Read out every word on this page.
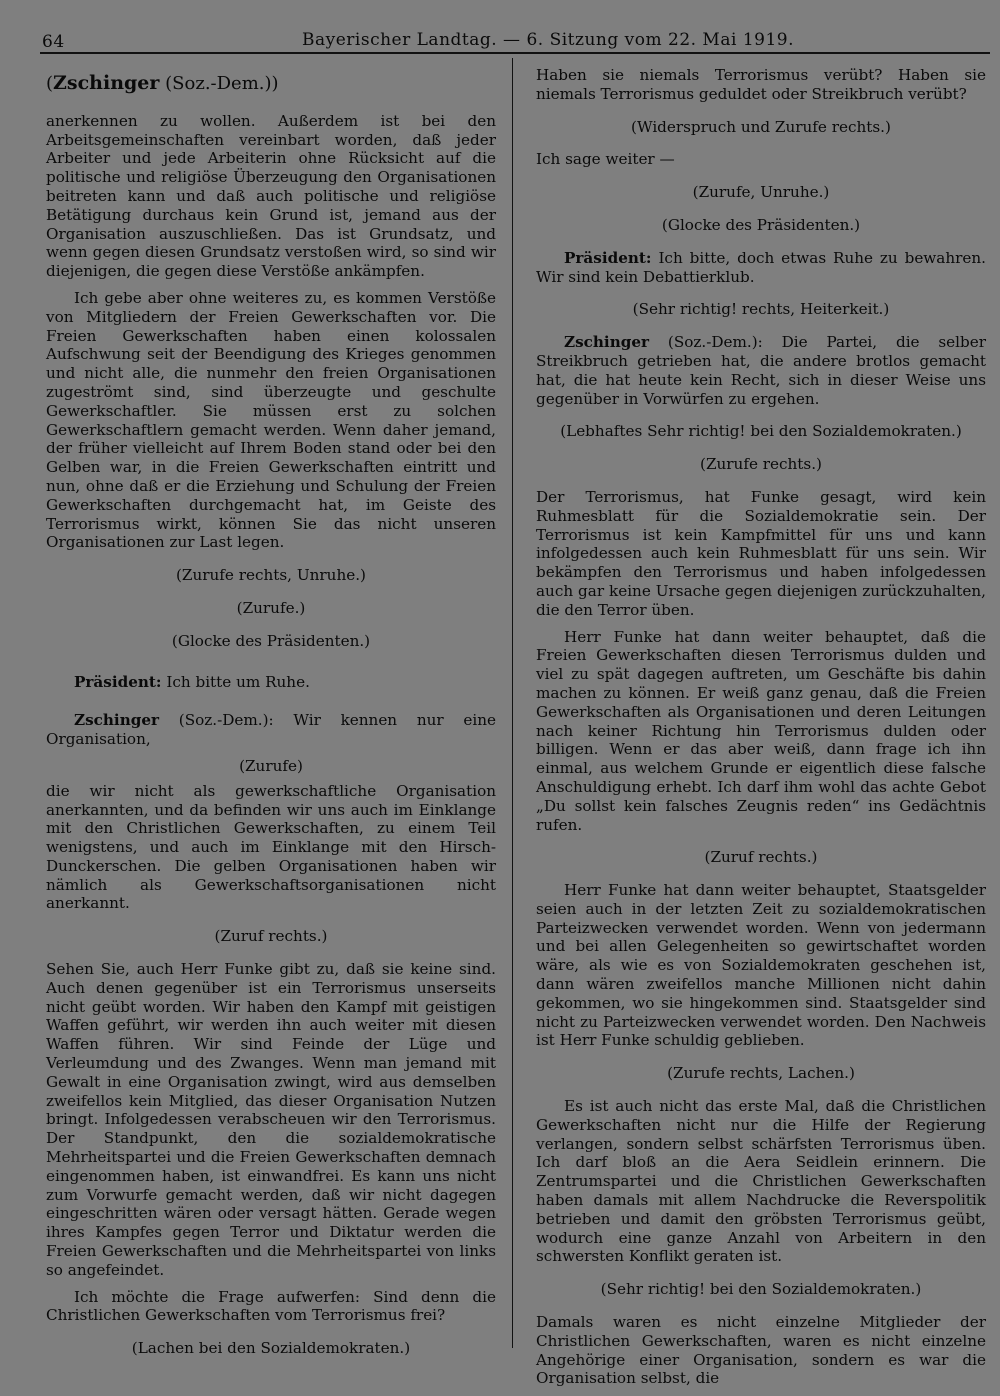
64	Bayerischer Landtag. — 6. Sitzung vom 22. Mai 1919.
(Zschinger (Soz.-Dem.))

anerkennen zu wollen. Außerdem ist bei den Arbeitsgemeinschaften vereinbart worden, daß jeder Arbeiter und jede Arbeiterin ohne Rücksicht auf die politische und religiöse Überzeugung den Organisationen beitreten kann und daß auch politische und religiöse Betätigung durchaus kein Grund ist, jemand aus der Organisation auszuschließen. Das ist Grundsatz, und wenn gegen diesen Grundsatz verstoßen wird, so sind wir diejenigen, die gegen diese Verstöße ankämpfen.

Ich gebe aber ohne weiteres zu, es kommen Verstöße von Mitgliedern der Freien Gewerkschaften vor. Die Freien Gewerkschaften haben einen kolossalen Aufschwung seit der Beendigung des Krieges genommen und nicht alle, die nunmehr den freien Organisationen zugeströmt sind, sind überzeugte und geschulte Gewerkschaftler. Sie müssen erst zu solchen Gewerkschaftlern gemacht werden. Wenn daher jemand, der früher vielleicht auf Ihrem Boden stand oder bei den Gelben war, in die Freien Gewerkschaften eintritt und nun, ohne daß er die Erziehung und Schulung der Freien Gewerkschaften durchgemacht hat, im Geiste des Terrorismus wirkt, können Sie das nicht unseren Organisationen zur Last legen.

(Zurufe rechts, Unruhe.)
(Zurufe.)
(Glocke des Präsidenten.)

Präsident: Ich bitte um Ruhe.

Zschinger (Soz.-Dem.): Wir kennen nur eine Organisation,

(Zurufe)

die wir nicht als gewerkschaftliche Organisation anerkannten, und da befinden wir uns auch im Einklange mit den Christlichen Gewerkschaften, zu einem Teil wenigstens, und auch im Einklange mit den Hirsch-Dunckerschen. Die gelben Organisationen haben wir nämlich als Gewerkschaftsorganisationen nicht anerkannt.

(Zuruf rechts.)

Sehen Sie, auch Herr Funke gibt zu, daß sie keine sind. Auch denen gegenüber ist ein Terrorismus unserseits nicht geübt worden. Wir haben den Kampf mit geistigen Waffen geführt, wir werden ihn auch weiter mit diesen Waffen führen. Wir sind Feinde der Lüge und Verleumdung und des Zwanges. Wenn man jemand mit Gewalt in eine Organisation zwingt, wird aus demselben zweifellos kein Mitglied, das dieser Organisation Nutzen bringt. Infolgedessen verabscheuen wir den Terrorismus. Der Standpunkt, den die sozialdemokratische Mehrheitspartei und die Freien Gewerkschaften demnach eingenommen haben, ist einwandfrei. Es kann uns nicht zum Vorwurfe gemacht werden, daß wir nicht dagegen eingeschritten wären oder versagt hätten. Gerade wegen ihres Kampfes gegen Terror und Diktatur werden die Freien Gewerkschaften und die Mehrheitspartei von links so angefeindet.

Ich möchte die Frage aufwerfen: Sind denn die Christlichen Gewerkschaften vom Terrorismus frei?

(Lachen bei den Sozialdemokraten.)

Haben sie niemals Terrorismus verübt? Haben sie niemals Terrorismus geduldet oder Streikbruch verübt?

(Widerspruch und Zurufe rechts.)

Ich sage weiter —

(Zurufe, Unruhe.)
(Glocke des Präsidenten.)

Präsident: Ich bitte, doch etwas Ruhe zu bewahren. Wir sind kein Debattierklub.

(Sehr richtig! rechts, Heiterkeit.)

Zschinger (Soz.-Dem.): Die Partei, die selber Streikbruch getrieben hat, die andere brotlos gemacht hat, die hat heute kein Recht, sich in dieser Weise uns gegenüber in Vorwürfen zu ergehen.

(Lebhaftes Sehr richtig! bei den Sozialdemokraten.)
(Zurufe rechts.)

Der Terrorismus, hat Funke gesagt, wird kein Ruhmesblatt für die Sozialdemokratie sein. Der Terrorismus ist kein Kampfmittel für uns und kann infolgedessen auch kein Ruhmesblatt für uns sein. Wir bekämpfen den Terrorismus und haben infolgedessen auch gar keine Ursache gegen diejenigen zurückzuhalten, die den Terror üben.

Herr Funke hat dann weiter behauptet, daß die Freien Gewerkschaften diesen Terrorismus dulden und viel zu spät dagegen auftreten, um Geschäfte bis dahin machen zu können. Er weiß ganz genau, daß die Freien Gewerkschaften als Organisationen und deren Leitungen nach keiner Richtung hin Terrorismus dulden oder billigen. Wenn er das aber weiß, dann frage ich ihn einmal, aus welchem Grunde er eigentlich diese falsche Anschuldigung erhebt. Ich darf ihm wohl das achte Gebot „Du sollst kein falsches Zeugnis reden“ ins Gedächtnis rufen.

(Zuruf rechts.)

Herr Funke hat dann weiter behauptet, Staatsgelder seien auch in der letzten Zeit zu sozialdemokratischen Parteizwecken verwendet worden. Wenn von jedermann und bei allen Gelegenheiten so gewirtschaftet worden wäre, als wie es von Sozialdemokraten geschehen ist, dann wären zweifellos manche Millionen nicht dahin gekommen, wo sie hingekommen sind. Staatsgelder sind nicht zu Parteizwecken verwendet worden. Den Nachweis ist Herr Funke schuldig geblieben.

(Zurufe rechts, Lachen.)

Es ist auch nicht das erste Mal, daß die Christlichen Gewerkschaften nicht nur die Hilfe der Regierung verlangen, sondern selbst schärfsten Terrorismus üben. Ich darf bloß an die Aera Seidlein erinnern. Die Zentrumspartei und die Christlichen Gewerkschaften haben damals mit allem Nachdrucke die Reverspolitik betrieben und damit den gröbsten Terrorismus geübt, wodurch eine ganze Anzahl von Arbeitern in den schwersten Konflikt geraten ist.

(Sehr richtig! bei den Sozialdemokraten.)

Damals waren es nicht einzelne Mitglieder der Christlichen Gewerkschaften, waren es nicht einzelne Angehörige einer Organisation, sondern es war die Organisation selbst, die
